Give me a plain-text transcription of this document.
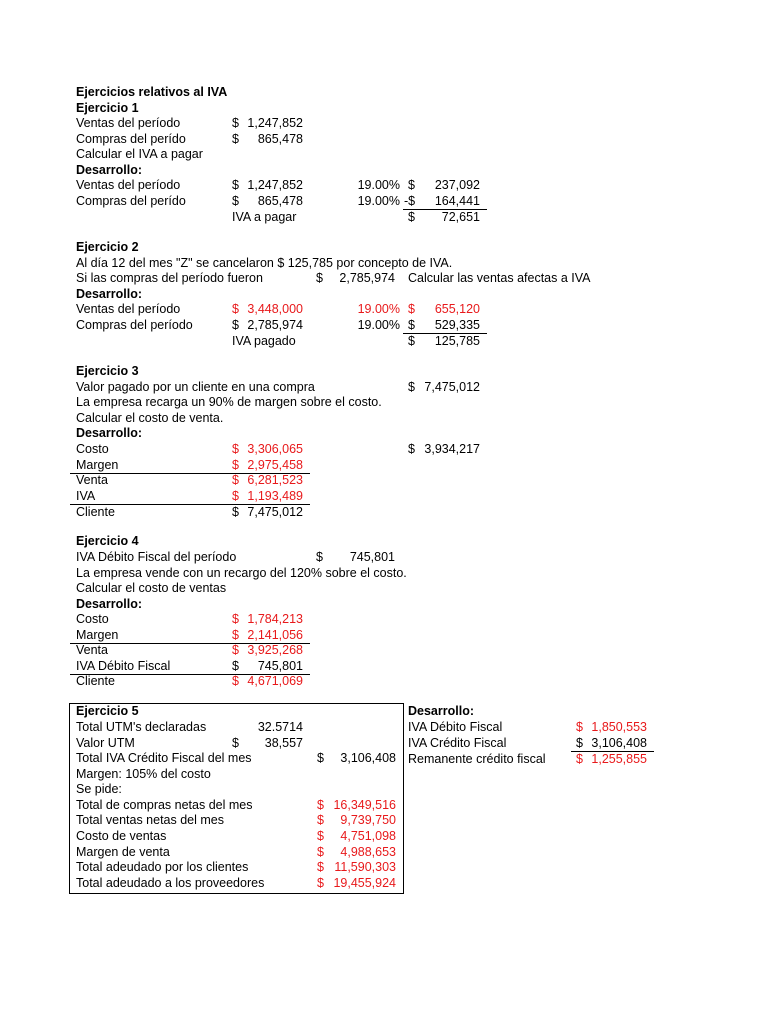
Ejercicios relativos al IVA
Ejercicio 1
Ventas del período	$ 1,247,852
Compras del perído	$	865,478
Calcular el IVA a pagar
Desarrollo:
Ventas del período	$ 1,247,852	19.00% $	237,092
Compras del perído	$	865,478	19.00% -$	164,441
IVA a pagar	$	72,651
Ejercicio 2
Al día 12 del mes "Z" se cancelaron $ 125,785 por concepto de IVA.
Si las compras del período fueron	$	2,785,974 Calcular las ventas afectas a IVA
Desarrollo:
Ventas del período	$ 3,448,000	19.00% $	655,120
Compras del período	$ 2,785,974	19.00% $	529,335
IVA pagado	$	125,785
Ejercicio 3
Valor pagado por un cliente en una compra	$ 7,475,012
La empresa recarga un 90% de margen sobre el costo.
Calcular el costo de venta.
Desarrollo:
Costo	$ 3,306,065	$ 3,934,217
Margen	$ 2,975,458
Venta	$ 6,281,523
IVA	$ 1,193,489
Cliente	$ 7,475,012
Ejercicio 4
IVA Débito Fiscal del período	$	745,801
La empresa vende con un recargo del 120% sobre el costo.
Calcular el costo de ventas
Desarrollo:
Costo	$ 1,784,213
Margen	$ 2,141,056
Venta	$ 3,925,268
IVA Débito Fiscal	$	745,801
Cliente	$ 4,671,069
Ejercicio 5
Total UTM's declaradas	32.5714
Valor UTM	$	38,557
Total IVA Crédito Fiscal del mes	$	3,106,408
Margen: 105% del costo
Se pide:
Total de compras netas del mes	$ 16,349,516
Total ventas netas del mes	$	9,739,750
Costo de ventas	$	4,751,098
Margen de venta	$	4,988,653
Total adeudado por los clientes	$ 11,590,303
Total adeudado a los proveedores	$ 19,455,924
Desarrollo:
IVA Débito Fiscal	$ 1,850,553
IVA Crédito Fiscal	$ 3,106,408
Remanente crédito fiscal $ 1,255,855
